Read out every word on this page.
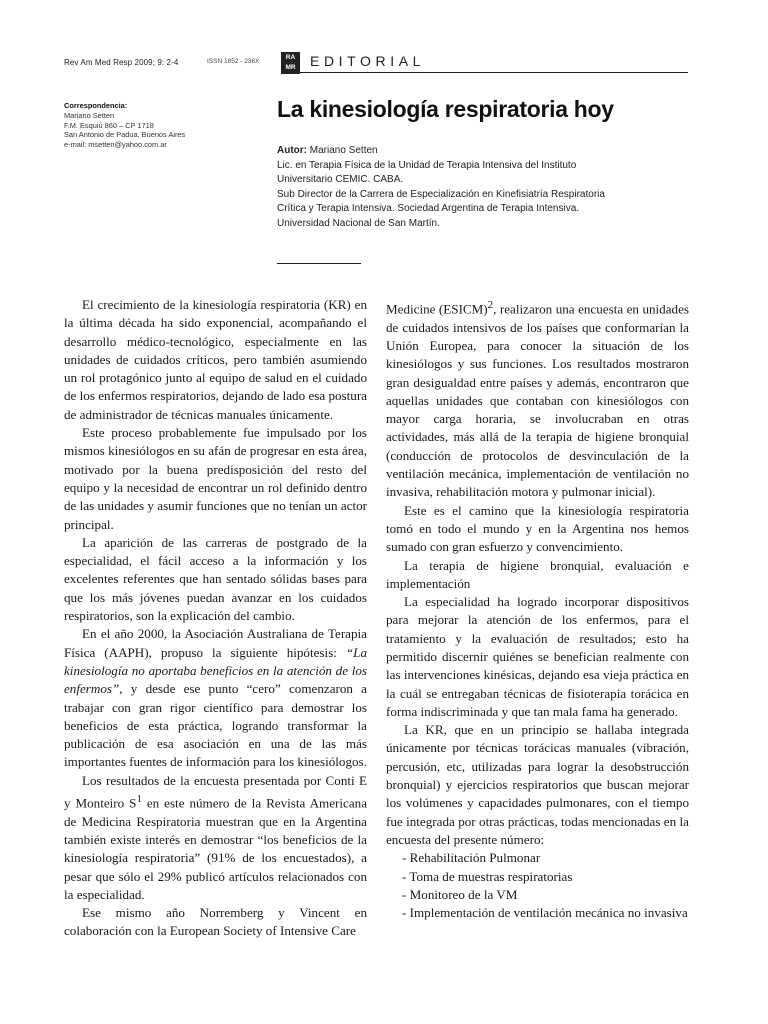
Rev Am Med Resp 2009; 9: 2-4	ISSN 1852 - 236X
RA
MR	EDITORIAL
Correspondencia:
Mariano Setten
F.M. Esquiú 860 – CP 1718
San Antonio de Padua, Buenos Aires
e-mail: msetten@yahoo.com.ar
La kinesiología respiratoria hoy
Autor: Mariano Setten
Lic. en Terapia Física de la Unidad de Terapia Intensiva del Instituto
Universitario CEMIC. CABA.
Sub Director de la Carrera de Especialización en Kinefisiatría Respiratoria
Crítica y Terapia Intensiva. Sociedad Argentina de Terapia Intensiva.
Universidad Nacional de San Martín.

El crecimiento de la kinesiología respiratoria (KR) en la última década ha sido exponencial, acompañando el desarrollo médico-tecnológico, especialmente en las unidades de cuidados críticos, pero también asumiendo un rol protagónico junto al equipo de salud en el cuidado de los enfermos respiratorios, dejando de lado esa postura de administrador de técnicas manuales únicamente.

Este proceso probablemente fue impulsado por los mismos kinesiólogos en su afán de progresar en esta área, motivado por la buena predisposición del resto del equipo y la necesidad de encontrar un rol definido dentro de las unidades y asumir funciones que no tenían un actor principal.

La aparición de las carreras de postgrado de la especialidad, el fácil acceso a la información y los excelentes referentes que han sentado sólidas bases para que los más jóvenes puedan avanzar en los cuidados respiratorios, son la explicación del cambio.

En el año 2000, la Asociación Australiana de Terapia Física (AAPH), propuso la siguiente hipótesis: “La kinesiología no aportaba beneficios en la atención de los enfermos”, y desde ese punto “cero” comenzaron a trabajar con gran rigor científico para demostrar los beneficios de esta práctica, logrando transformar la publicación de esa asociación en una de las más importantes fuentes de información para los kinesiólogos.

Los resultados de la encuesta presentada por Conti E y Monteiro $S^1$ en este número de la Revista Americana de Medicina Respiratoria muestran que en la Argentina también existe interés en demostrar “los beneficios de la kinesiología respiratoria” (91% de los encuestados), a pesar que sólo el 29% publicó artículos relacionados con la especialidad.

Ese mismo año Norremberg y Vincent en colaboración con la European Society of Intensive Care

Medicine (ESICM)$^2$, realizaron una encuesta en unidades de cuidados intensivos de los países que conformarían la Unión Europea, para conocer la situación de los kinesiólogos y sus funciones. Los resultados mostraron gran desigualdad entre países y además, encontraron que aquellas unidades que contaban con kinesiólogos con mayor carga horaria, se involucraban en otras actividades, más allá de la terapia de higiene bronquial (conducción de protocolos de desvinculación de la ventilación mecánica, implementación de ventilación no invasiva, rehabilitación motora y pulmonar inicial).

Este es el camino que la kinesiología respiratoria tomó en todo el mundo y en la Argentina nos hemos sumado con gran esfuerzo y convencimiento.

La terapia de higiene bronquial, evaluación e implementación

La especialidad ha logrado incorporar dispositivos para mejorar la atención de los enfermos, para el tratamiento y la evaluación de resultados; esto ha permitido discernir quiénes se benefician realmente con las intervenciones kinésicas, dejando esa vieja práctica en la cuál se entregaban técnicas de fisioterapia torácica en forma indiscriminada y que tan mala fama ha generado.

La KR, que en un principio se hallaba integrada únicamente por técnicas torácicas manuales (vibración, percusión, etc, utilizadas para lograr la desobstrucción bronquial) y ejercicios respiratorios que buscan mejorar los volúmenes y capacidades pulmonares, con el tiempo fue integrada por otras prácticas, todas mencionadas en la encuesta del presente número:

- Rehabilitación Pulmonar

- Toma de muestras respiratorias

- Monitoreo de la VM

- Implementación de ventilación mecánica no invasiva
